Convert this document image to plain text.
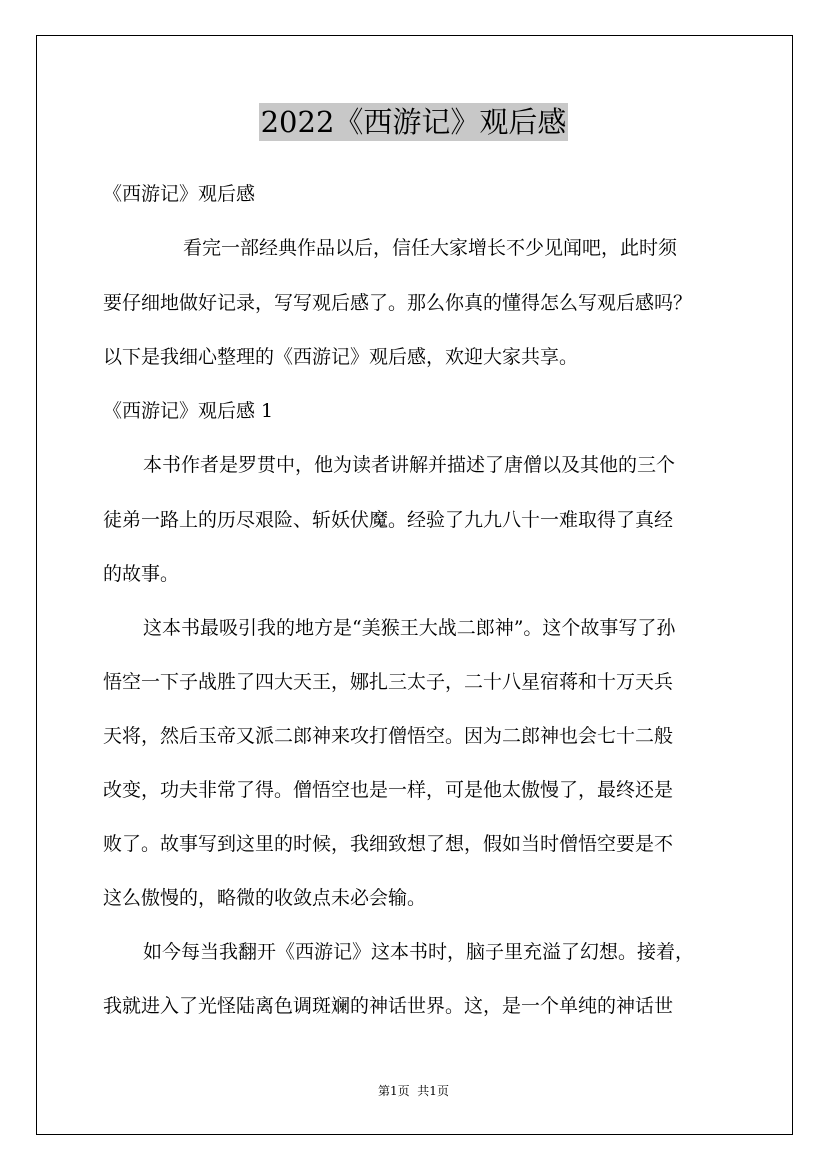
2022《西游记》观后感
《西游记》观后感
看完一部经典作品以后，信任大家增长不少见闻吧，此时须
要仔细地做好记录，写写观后感了。那么你真的懂得怎么写观后感吗？
以下是我细心整理的《西游记》观后感，欢迎大家共享。
《西游记》观后感 1
本书作者是罗贯中，他为读者讲解并描述了唐僧以及其他的三个
徒弟一路上的历尽艰险、斩妖伏魔。经验了九九八十一难取得了真经
的故事。
这本书最吸引我的地方是“美猴王大战二郎神”。这个故事写了孙
悟空一下子战胜了四大天王，娜扎三太子，二十八星宿蒋和十万天兵
天将，然后玉帝又派二郎神来攻打僧悟空。因为二郎神也会七十二般
改变，功夫非常了得。僧悟空也是一样，可是他太傲慢了，最终还是
败了。故事写到这里的时候，我细致想了想，假如当时僧悟空要是不
这么傲慢的，略微的收敛点未必会输。
如今每当我翻开《西游记》这本书时，脑子里充溢了幻想。接着，
我就进入了光怪陆离色调斑斓的神话世界。这，是一个单纯的神话世
第1页  共1页
